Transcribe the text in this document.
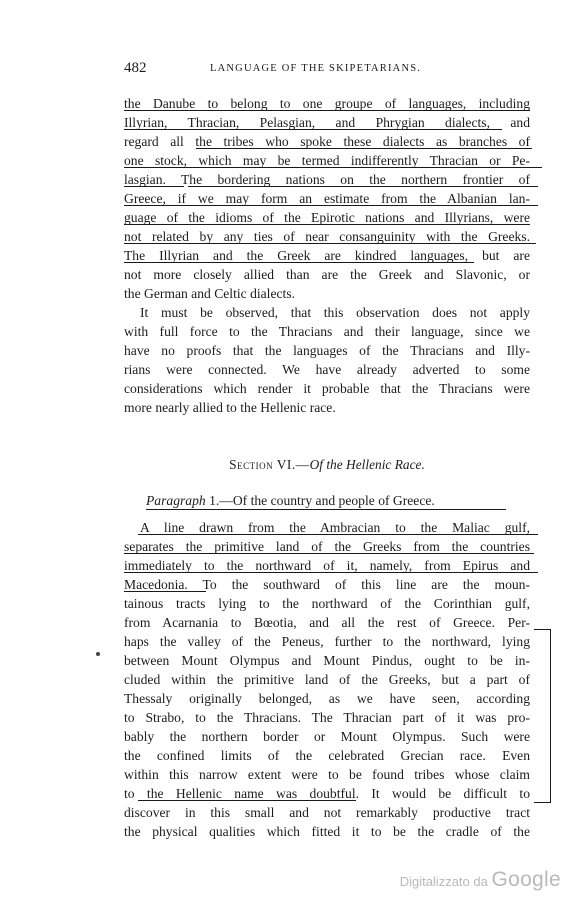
482	LANGUAGE OF THE SKIPETARIANS.
the Danube to belong to one groupe of languages, including
Illyrian, Thracian, Pelasgian, and Phrygian dialects, and
regard all the tribes who spoke these dialects as branches of
one stock, which may be termed indifferently Thracian or Pe-
lasgian. The bordering nations on the northern frontier of
Greece, if we may form an estimate from the Albanian lan-
guage of the idioms of the Epirotic nations and Illyrians, were
not related by any ties of near consanguinity with the Greeks.
The Illyrian and the Greek are kindred languages, but are
not more closely allied than are the Greek and Slavonic, or
the German and Celtic dialects.
It must be observed, that this observation does not apply
with full force to the Thracians and their language, since we
have no proofs that the languages of the Thracians and Illy-
rians were connected. We have already adverted to some
considerations which render it probable that the Thracians were
more nearly allied to the Hellenic race.
Section VI.—Of the Hellenic Race.
Paragraph 1.—Of the country and people of Greece.
A line drawn from the Ambracian to the Maliac gulf,
separates the primitive land of the Greeks from the countries
immediately to the northward of it, namely, from Epirus and
Macedonia. To the southward of this line are the moun-
tainous tracts lying to the northward of the Corinthian gulf,
from Acarnania to Bœotia, and all the rest of Greece. Per-
haps the valley of the Peneus, further to the northward, lying
between Mount Olympus and Mount Pindus, ought to be in-
cluded within the primitive land of the Greeks, but a part of
Thessaly originally belonged, as we have seen, according
to Strabo, to the Thracians. The Thracian part of it was pro-
bably the northern border or Mount Olympus. Such were
the confined limits of the celebrated Grecian race. Even
within this narrow extent were to be found tribes whose claim
to the Hellenic name was doubtful. It would be difficult to
discover in this small and not remarkably productive tract
the physical qualities which fitted it to be the cradle of the
Digitalizzato da Google
